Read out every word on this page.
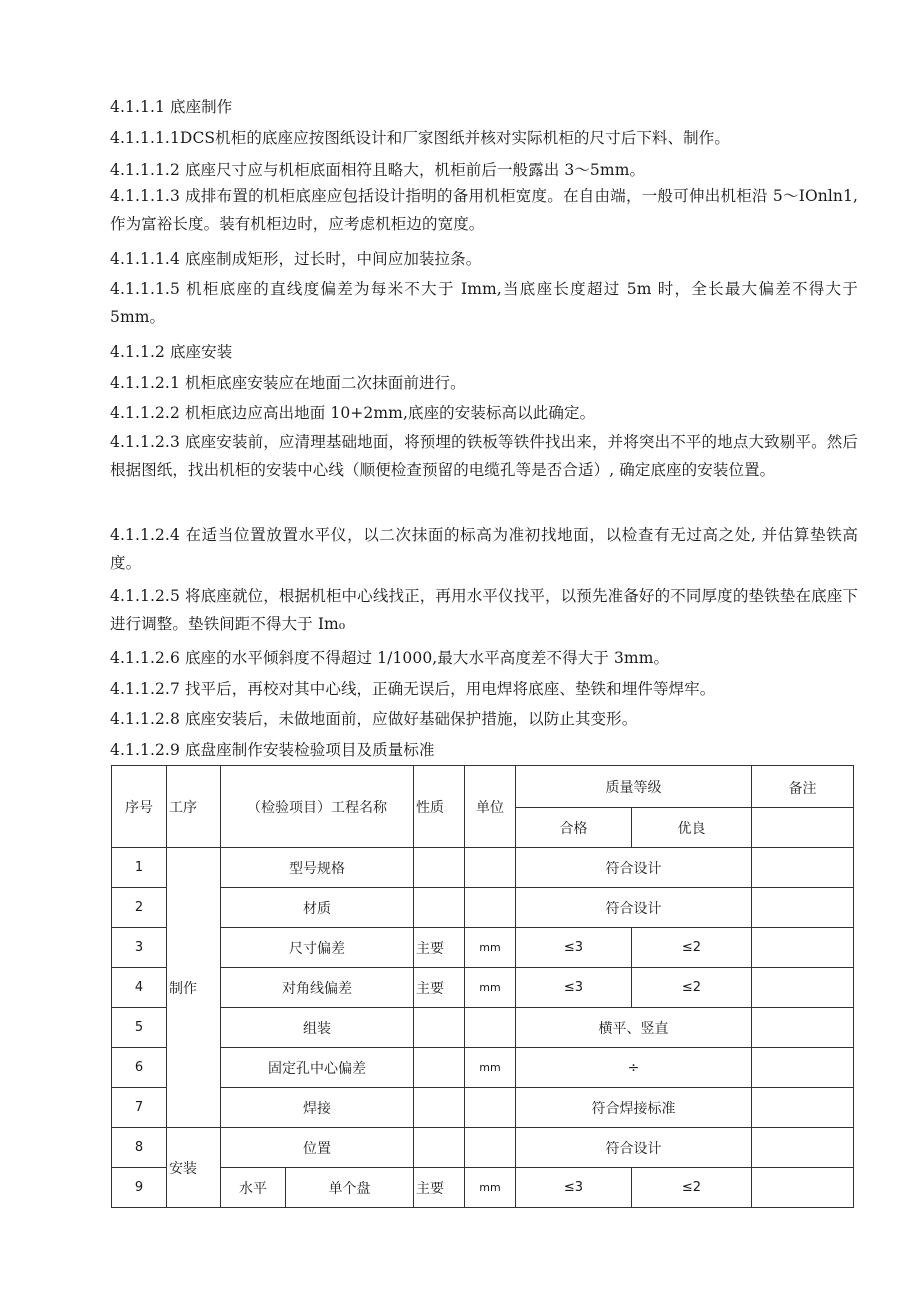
4.1.1.1 底座制作
4.1.1.1.1DCS机柜的底座应按图纸设计和厂家图纸并核对实际机柜的尺寸后下料、制作。
4.1.1.1.2 底座尺寸应与机柜底面相符且略大，机柜前后一般露出 3～5mm。
4.1.1.1.3 成排布置的机柜底座应包括设计指明的备用机柜宽度。在自由端，一般可伸出机柜沿 5～IOnln1,作为富裕长度。装有机柜边时，应考虑机柜边的宽度。
4.1.1.1.4 底座制成矩形，过长时，中间应加装拉条。
4.1.1.1.5 机柜底座的直线度偏差为每米不大于 Imm,当底座长度超过 5m 时，全长最大偏差不得大于 5mm。
4.1.1.2 底座安装
4.1.1.2.1 机柜底座安装应在地面二次抹面前进行。
4.1.1.2.2 机柜底边应高出地面 10+2mm,底座的安装标高以此确定。
4.1.1.2.3 底座安装前，应清理基础地面，将预埋的铁板等铁件找出来，并将突出不平的地点大致剔平。然后根据图纸，找出机柜的安装中心线（顺便检查预留的电缆孔等是否合适）, 确定底座的安装位置。
4.1.1.2.4 在适当位置放置水平仪，以二次抹面的标高为准初找地面，以检查有无过高之处, 并估算垫铁高度。
4.1.1.2.5 将底座就位，根据机柜中心线找正，再用水平仪找平，以预先准备好的不同厚度的垫铁垫在底座下进行调整。垫铁间距不得大于 Im₀
4.1.1.2.6 底座的水平倾斜度不得超过 1/1000,最大水平高度差不得大于 3mm。
4.1.1.2.7 找平后，再校对其中心线，正确无误后，用电焊将底座、垫铁和埋件等焊牢。
4.1.1.2.8 底座安装后，未做地面前，应做好基础保护措施，以防止其变形。
4.1.1.2.9 底盘座制作安装检验项目及质量标准
序号	工序	（检验项目）工程名称		性质	单位	质量等级		备注
						合格	优良	
1	制作	型号规格				符合设计		
2		材质				符合设计		
3		尺寸偏差		主要	mm	≤3	≤2	
4		对角线偏差		主要	mm	≤3	≤2	
5		组装				横平、竖直		
6		固定孔中心偏差			mm	÷		
7		焊接				符合焊接标准		
8	安装	位置				符合设计		
9		水平	单个盘	主要	mm	≤3	≤2	
